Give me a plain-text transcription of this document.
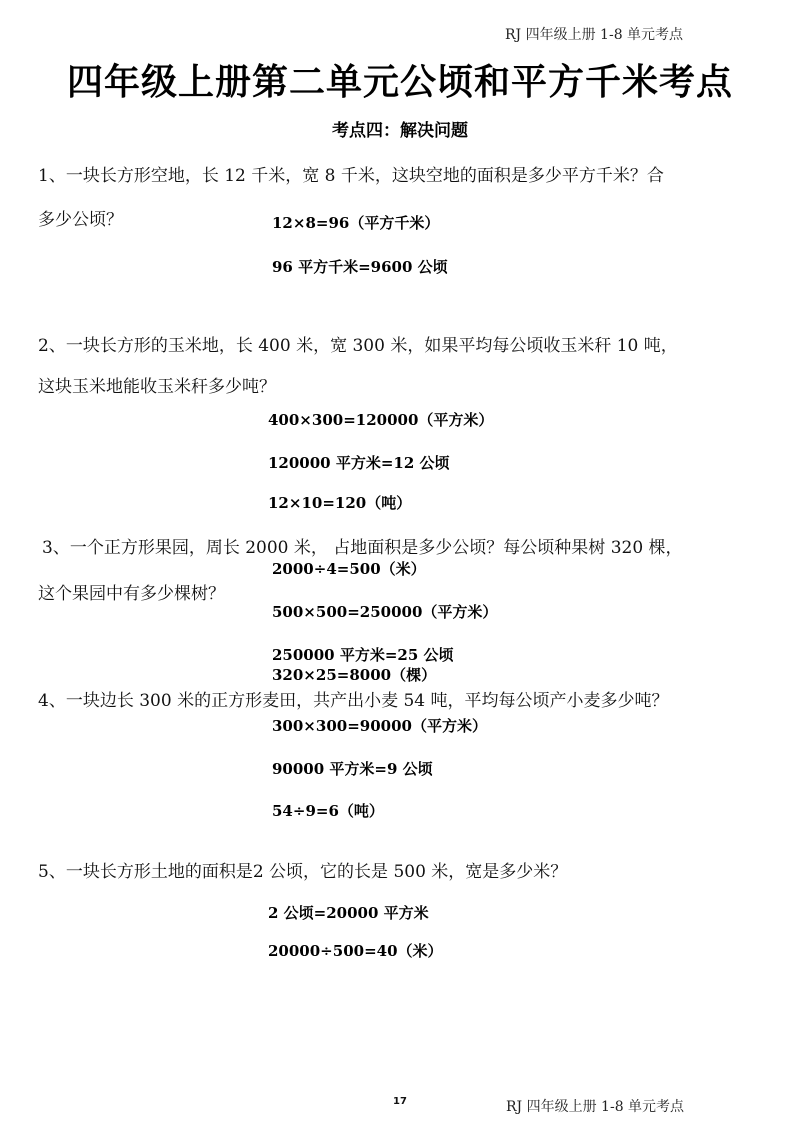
RJ 四年级上册 1-8 单元考点
四年级上册第二单元公顷和平方千米考点
考点四：解决问题
1、一块长方形空地，长 12 千米，宽 8 千米，这块空地的面积是多少平方千米？合
多少公顷？	12×8=96（平方千米）
96 平方千米=9600 公顷
2、一块长方形的玉米地，长 400 米，宽 300 米，如果平均每公顷收玉米秆 10 吨，
这块玉米地能收玉米秆多少吨？
400×300=120000（平方米）
120000 平方米=12 公顷
12×10=120（吨）
3、一个正方形果园，周长 2000 米， 占地面积是多少公顷？每公顷种果树 320 棵，
这个果园中有多少棵树？
2000÷4=500（米）
500×500=250000（平方米）
250000 平方米=25 公顷
320×25=8000（棵）
4、一块边长 300 米的正方形麦田，共产出小麦 54 吨，平均每公顷产小麦多少吨？
300×300=90000（平方米）
90000 平方米=9 公顷
54÷9=6（吨）
5、一块长方形土地的面积是2 公顷，它的长是 500 米，宽是多少米？
2 公顷=20000 平方米
20000÷500=40（米）
17	RJ 四年级上册 1-8 单元考点
